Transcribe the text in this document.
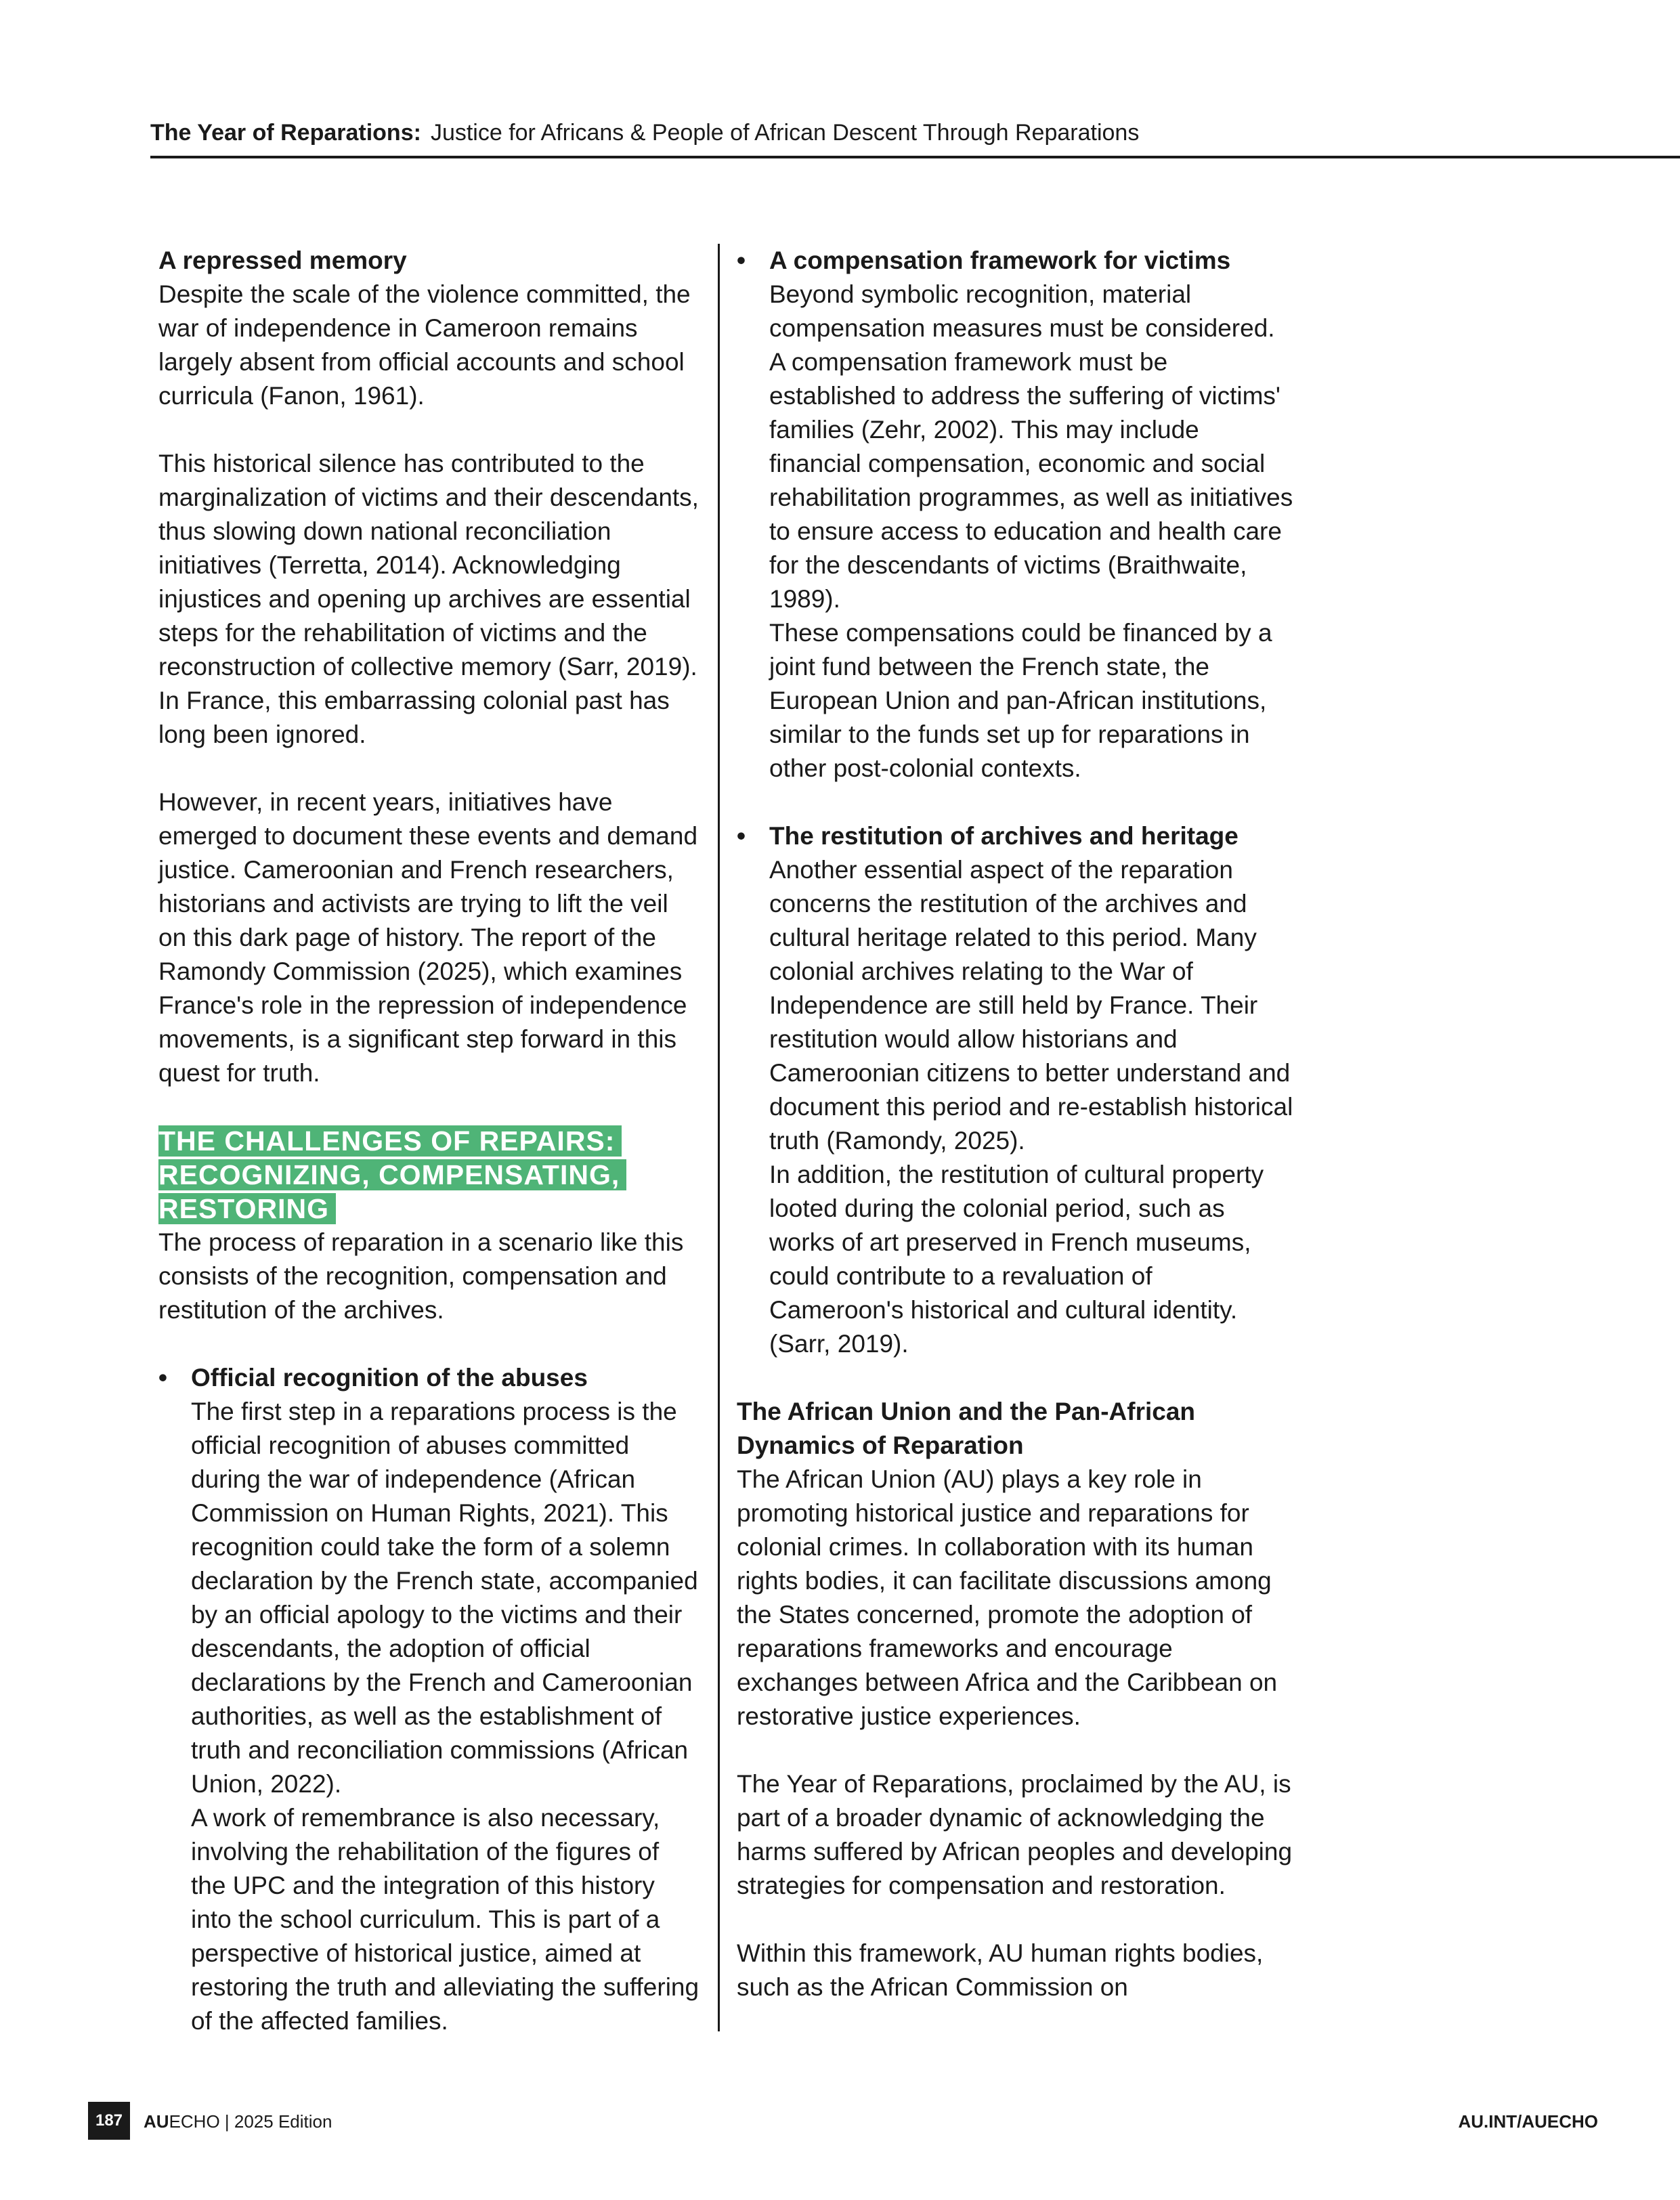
The Year of Reparations: Justice for Africans & People of African Descent Through Reparations
A repressed memory

Despite the scale of the violence committed, the war of independence in Cameroon remains largely absent from official accounts and school curricula (Fanon, 1961).

This historical silence has contributed to the marginalization of victims and their descendants, thus slowing down national reconciliation initiatives (Terretta, 2014). Acknowledging injustices and opening up archives are essential steps for the rehabilitation of victims and the reconstruction of collective memory (Sarr, 2019). In France, this embarrassing colonial past has long been ignored.

However, in recent years, initiatives have emerged to document these events and demand justice. Cameroonian and French researchers, historians and activists are trying to lift the veil on this dark page of history. The report of the Ramondy Commission (2025), which examines France's role in the repression of independence movements, is a significant step forward in this quest for truth.

THE CHALLENGES OF REPAIRS:
RECOGNIZING, COMPENSATING,
RESTORING

The process of reparation in a scenario like this consists of the recognition, compensation and restitution of the archives.

• Official recognition of the abuses
The first step in a reparations process is the official recognition of abuses committed during the war of independence (African Commission on Human Rights, 2021). This recognition could take the form of a solemn declaration by the French state, accompanied by an official apology to the victims and their descendants, the adoption of official declarations by the French and Cameroonian authorities, as well as the establishment of truth and reconciliation commissions (African Union, 2022).
A work of remembrance is also necessary, involving the rehabilitation of the figures of the UPC and the integration of this history into the school curriculum. This is part of a perspective of historical justice, aimed at restoring the truth and alleviating the suffering of the affected families.
• A compensation framework for victims
Beyond symbolic recognition, material compensation measures must be considered. A compensation framework must be established to address the suffering of victims' families (Zehr, 2002). This may include financial compensation, economic and social rehabilitation programmes, as well as initiatives to ensure access to education and health care for the descendants of victims (Braithwaite, 1989).
These compensations could be financed by a joint fund between the French state, the European Union and pan-African institutions, similar to the funds set up for reparations in other post-colonial contexts.
• The restitution of archives and heritage
Another essential aspect of the reparation concerns the restitution of the archives and cultural heritage related to this period. Many colonial archives relating to the War of Independence are still held by France. Their restitution would allow historians and Cameroonian citizens to better understand and document this period and re-establish historical truth (Ramondy, 2025).
In addition, the restitution of cultural property looted during the colonial period, such as works of art preserved in French museums, could contribute to a revaluation of Cameroon's historical and cultural identity. (Sarr, 2019).
The African Union and the Pan-African Dynamics of Reparation

The African Union (AU) plays a key role in promoting historical justice and reparations for colonial crimes. In collaboration with its human rights bodies, it can facilitate discussions among the States concerned, promote the adoption of reparations frameworks and encourage exchanges between Africa and the Caribbean on restorative justice experiences.

The Year of Reparations, proclaimed by the AU, is part of a broader dynamic of acknowledging the harms suffered by African peoples and developing strategies for compensation and restoration.

Within this framework, AU human rights bodies, such as the African Commission on

187	AUECHO | 2025 Edition	AU.INT/AUECHO
